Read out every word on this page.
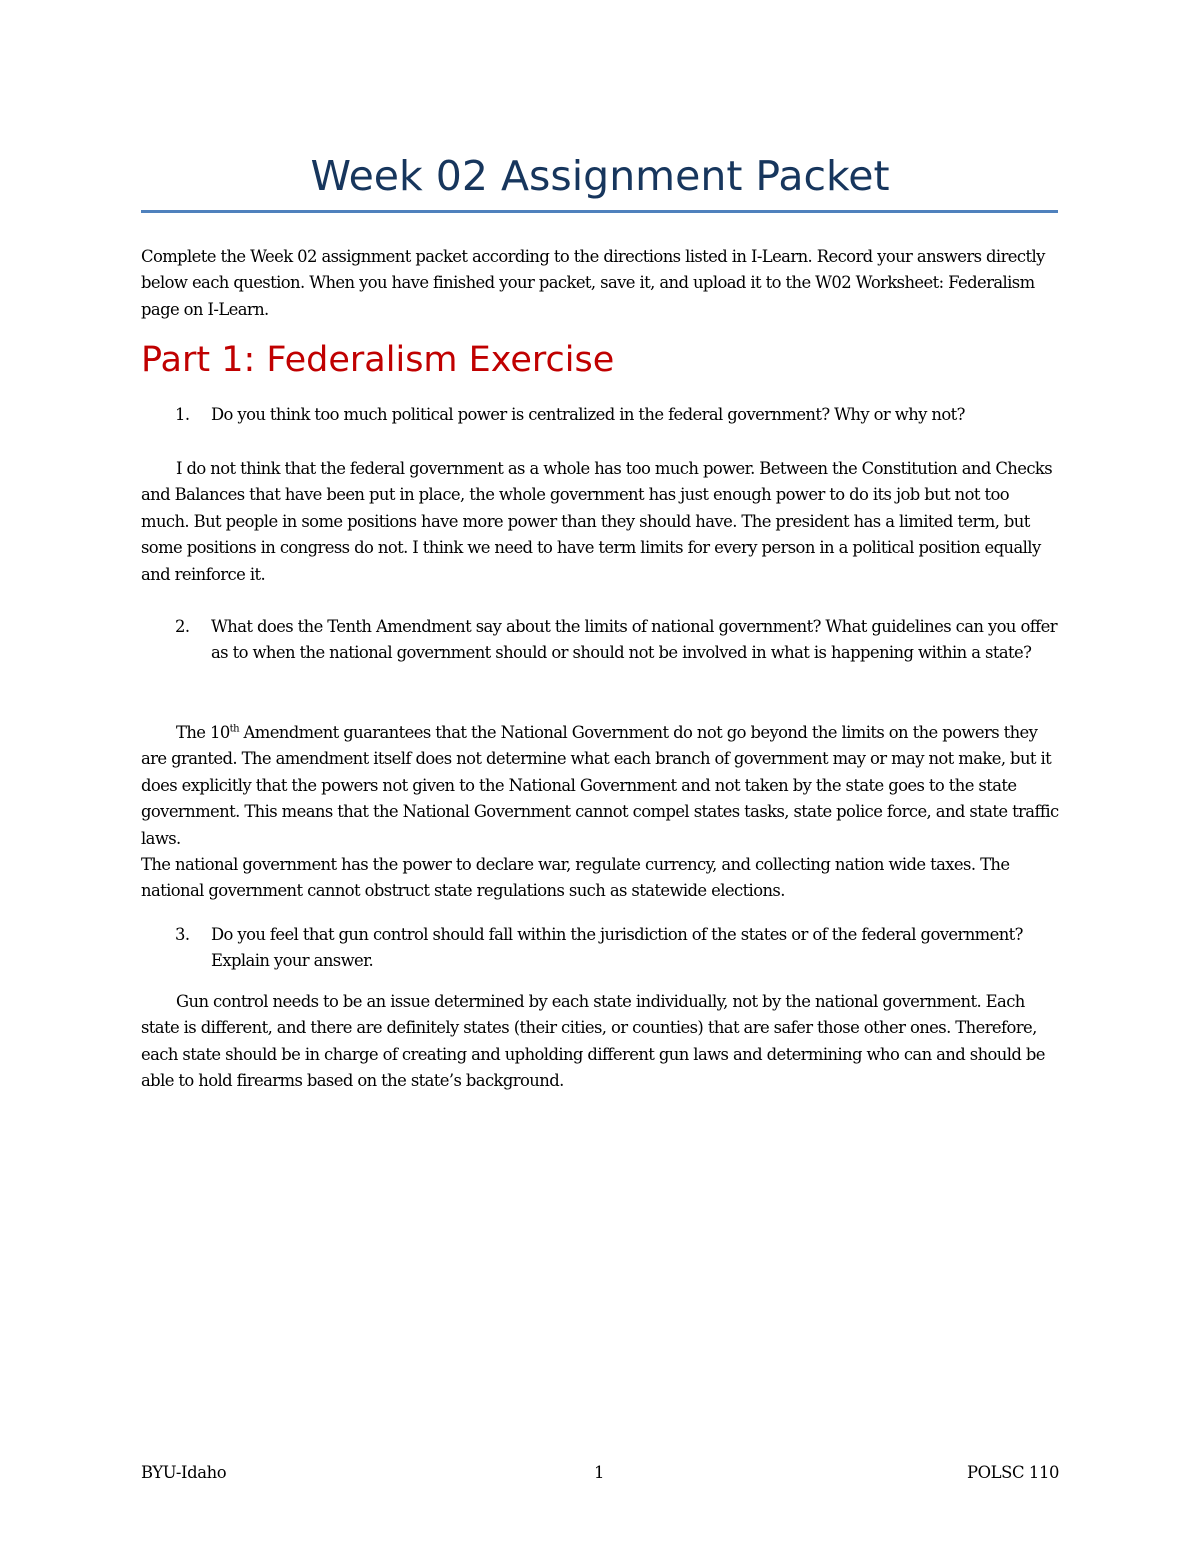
Week 02 Assignment Packet

Complete the Week 02 assignment packet according to the directions listed in I-Learn. Record your answers directly below each question. When you have finished your packet, save it, and upload it to the W02 Worksheet: Federalism page on I-Learn.

Part 1: Federalism Exercise
1. Do you think too much political power is centralized in the federal government? Why or why not?

I do not think that the federal government as a whole has too much power. Between the Constitution and Checks and Balances that have been put in place, the whole government has just enough power to do its job but not too much. But people in some positions have more power than they should have. The president has a limited term, but some positions in congress do not. I think we need to have term limits for every person in a political position equally and reinforce it.

2. What does the Tenth Amendment say about the limits of national government? What guidelines can you offer as to when the national government should or should not be involved in what is happening within a state?

The 10th Amendment guarantees that the National Government do not go beyond the limits on the powers they are granted. The amendment itself does not determine what each branch of government may or may not make, but it does explicitly that the powers not given to the National Government and not taken by the state goes to the state government. This means that the National Government cannot compel states tasks, state police force, and state traffic laws.

The national government has the power to declare war, regulate currency, and collecting nation wide taxes. The national government cannot obstruct state regulations such as statewide elections.

3. Do you feel that gun control should fall within the jurisdiction of the states or of the federal government? Explain your answer.

Gun control needs to be an issue determined by each state individually, not by the national government. Each state is different, and there are definitely states (their cities, or counties) that are safer those other ones. Therefore, each state should be in charge of creating and upholding different gun laws and determining who can and should be able to hold firearms based on the state’s background.

BYU-Idaho	1	POLSC 110
